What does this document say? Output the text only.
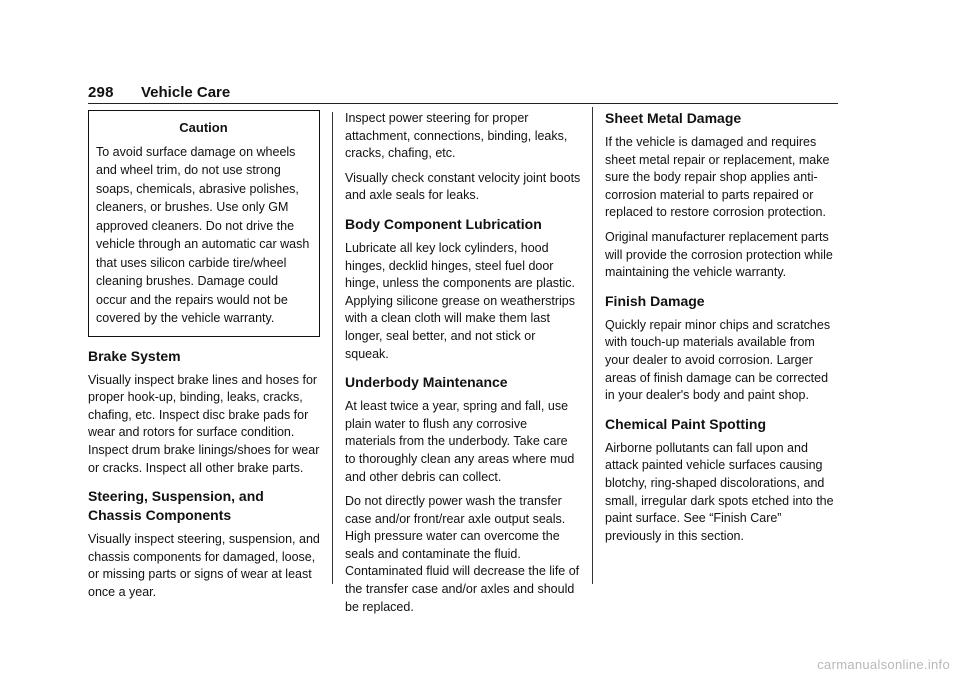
298 Vehicle Care
Caution
To avoid surface damage on wheels and wheel trim, do not use strong soaps, chemicals, abrasive polishes, cleaners, or brushes. Use only GM approved cleaners. Do not drive the vehicle through an automatic car wash that uses silicon carbide tire/wheel cleaning brushes. Damage could occur and the repairs would not be covered by the vehicle warranty.
Brake System

Visually inspect brake lines and hoses for proper hook-up, binding, leaks, cracks, chafing, etc. Inspect disc brake pads for wear and rotors for surface condition. Inspect drum brake linings/shoes for wear or cracks. Inspect all other brake parts.

Steering, Suspension, and Chassis Components

Visually inspect steering, suspension, and chassis components for damaged, loose, or missing parts or signs of wear at least once a year.

Inspect power steering for proper attachment, connections, binding, leaks, cracks, chafing, etc.

Visually check constant velocity joint boots and axle seals for leaks.

Body Component Lubrication

Lubricate all key lock cylinders, hood hinges, decklid hinges, steel fuel door hinge, unless the components are plastic. Applying silicone grease on weatherstrips with a clean cloth will make them last longer, seal better, and not stick or squeak.

Underbody Maintenance

At least twice a year, spring and fall, use plain water to flush any corrosive materials from the underbody. Take care to thoroughly clean any areas where mud and other debris can collect.

Do not directly power wash the transfer case and/or front/rear axle output seals. High pressure water can overcome the seals and contaminate the fluid. Contaminated fluid will decrease the life of the transfer case and/or axles and should be replaced.

Sheet Metal Damage

If the vehicle is damaged and requires sheet metal repair or replacement, make sure the body repair shop applies anti-corrosion material to parts repaired or replaced to restore corrosion protection.

Original manufacturer replacement parts will provide the corrosion protection while maintaining the vehicle warranty.

Finish Damage

Quickly repair minor chips and scratches with touch-up materials available from your dealer to avoid corrosion. Larger areas of finish damage can be corrected in your dealer's body and paint shop.

Chemical Paint Spotting

Airborne pollutants can fall upon and attack painted vehicle surfaces causing blotchy, ring-shaped discolorations, and small, irregular dark spots etched into the paint surface. See “Finish Care” previously in this section.

carmanualsonline.info
